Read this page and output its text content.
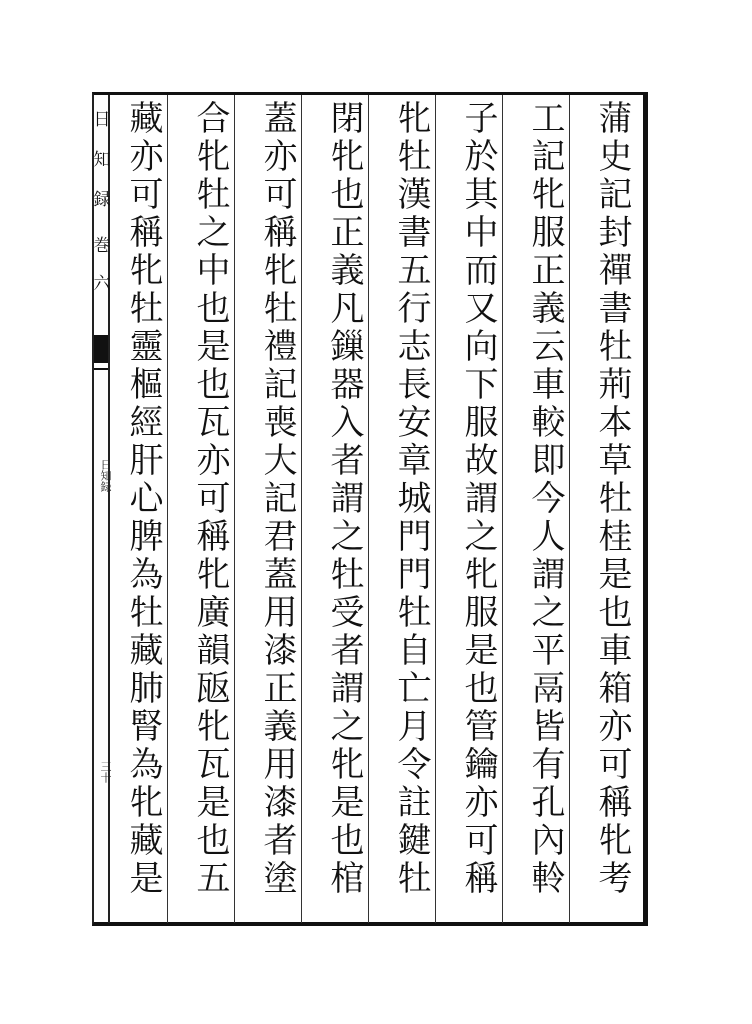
日
知
録
巻
六
日知録
三十	蒲史記封禪書牡荊本草牡桂是也車箱亦可稱牝考
工記牝服正義云車較即今人謂之平鬲皆有孔內軨
子於其中而又向下服故謂之牝服是也管鑰亦可稱
牝牡漢書五行志長安章城門門牡自亡月令註鍵牡
閉牝也正義凡鏁器入者謂之牡受者謂之牝是也棺
蓋亦可稱牝牡禮記喪大記君蓋用漆正義用漆者塗
合牝牡之中也是也瓦亦可稱牝廣韻瓪牝瓦是也五
藏亦可稱牝牡靈樞經肝心脾為牡藏肺腎為牝藏是
